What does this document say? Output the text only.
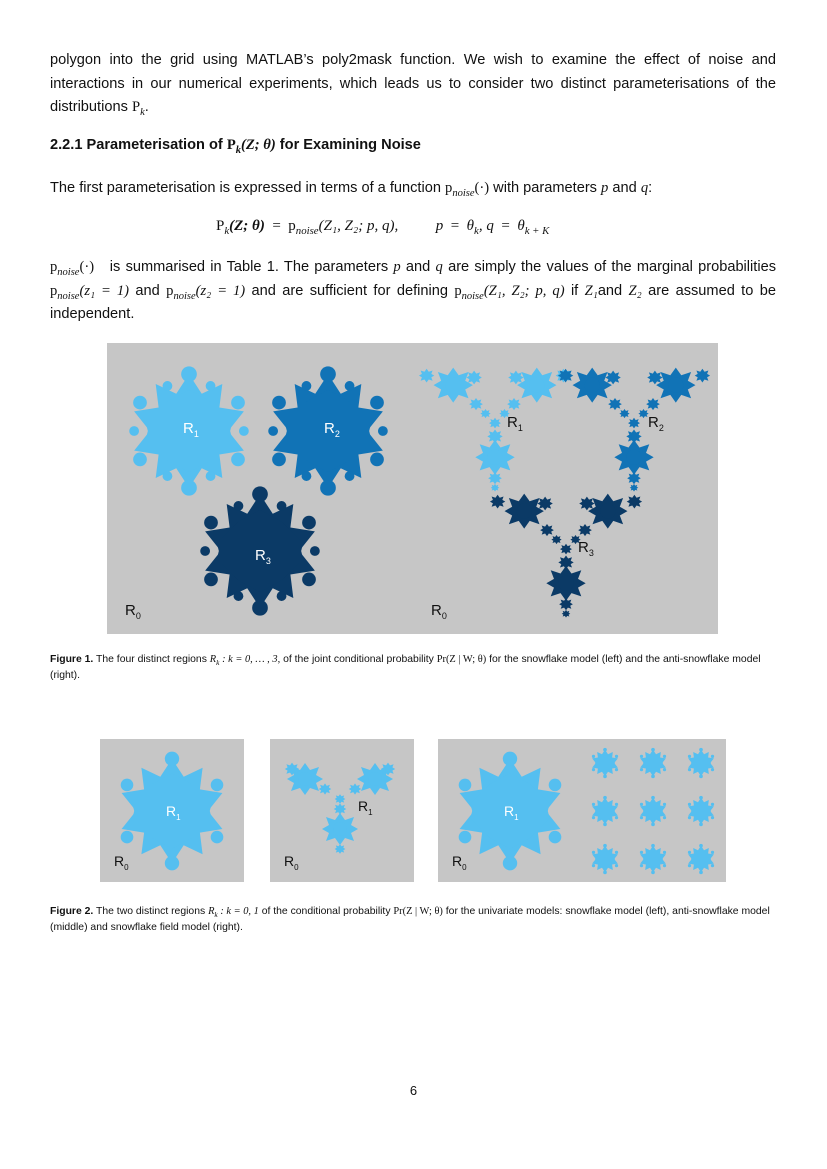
polygon into the grid using MATLAB’s poly2mask function. We wish to examine the effect of noise and interactions in our numerical experiments, which leads us to consider two distinct parameterisations of the distributions $P_k$.

2.2.1 Parameterisation of $P_k(Z$; θ) for Examining Noise

The first parameterisation is expressed in terms of a function $p_{noise}(\cdot)$ with parameters p and q:

$P_k(Z$; $\theta) = p_{noise}(Z_1$, Z₂; p, q),	$p = \theta_k$, $q = \theta_{k + K}$

$p_{noise}(\cdot)$ is summarised in Table 1. The parameters p and q are simply the values of the marginal probabilities $p_{noise}(z_1 = 1)$ and $p_{noise}(z_2 = 1)$ and are sufficient for defining $p_{noise}(Z_1$, Z₂; p, q) if Z₁and Z₂ are assumed to be independent.

$R_1$	$R_2$
$R_3$
$R_0$
$R_1$	$R_2$
$R_3$
$R_0$

Figure 1. The four distinct regions $R_k$ : k = 0, … , 3, of the joint conditional probability Pr(Z | W; θ) for the snowflake model (left) and the anti-snowflake model (right).

$R_1$
$R_0$
$R_1$
$R_0$
$R_1$
$R_0$

Figure 2. The two distinct regions $R_k$ : k = 0, 1 of the conditional probability Pr(Z | W; θ) for the univariate models: snowflake model (left), anti-snowflake model (middle) and snowflake field model (right).

6
